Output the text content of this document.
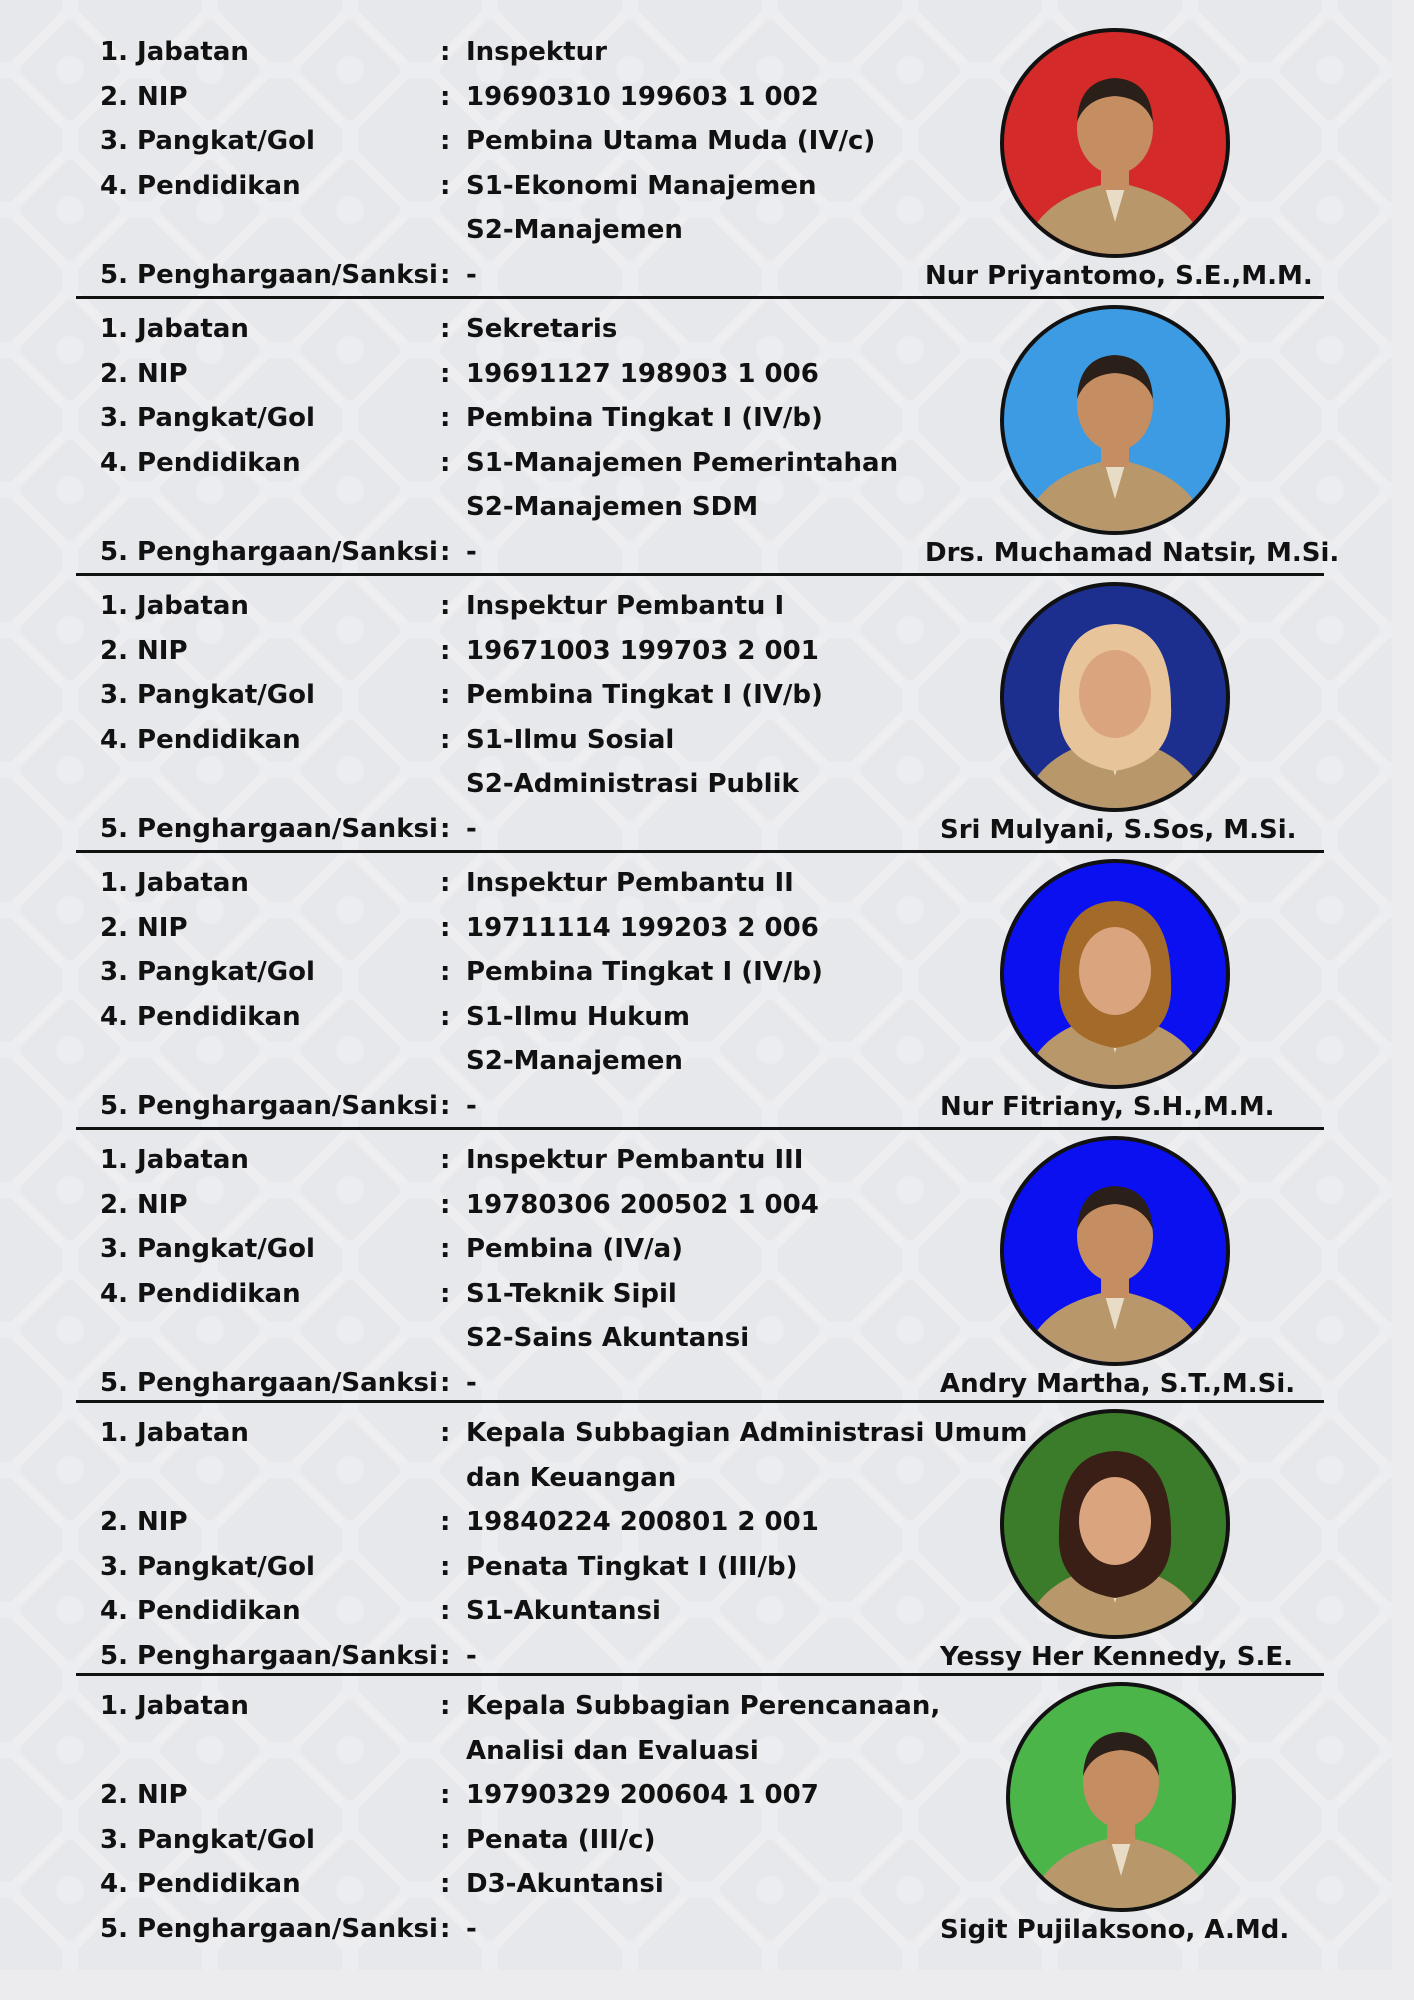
1. Jabatan	: Inspektur
2. NIP	: 19690310 199603 1 002
3. Pangkat/Gol	: Pembina Utama Muda (IV/c)
4. Pendidikan	: S1-Ekonomi Manajemen
S2-Manajemen
5. Penghargaan/Sanksi : -	Nur Priyantomo, S.E.,M.M.
1. Jabatan	: Sekretaris
2. NIP	: 19691127 198903 1 006
3. Pangkat/Gol	: Pembina Tingkat I (IV/b)
4. Pendidikan	: S1-Manajemen Pemerintahan
S2-Manajemen SDM
5. Penghargaan/Sanksi : -	Drs. Muchamad Natsir, M.Si.
1. Jabatan	: Inspektur Pembantu I
2. NIP	: 19671003 199703 2 001
3. Pangkat/Gol	: Pembina Tingkat I (IV/b)
4. Pendidikan	: S1-Ilmu Sosial
S2-Administrasi Publik
5. Penghargaan/Sanksi : -	Sri Mulyani, S.Sos, M.Si.
1. Jabatan	: Inspektur Pembantu II
2. NIP	: 19711114 199203 2 006
3. Pangkat/Gol	: Pembina Tingkat I (IV/b)
4. Pendidikan	: S1-Ilmu Hukum
S2-Manajemen
5. Penghargaan/Sanksi : -	Nur Fitriany, S.H.,M.M.
1. Jabatan	: Inspektur Pembantu III
2. NIP	: 19780306 200502 1 004
3. Pangkat/Gol	: Pembina (IV/a)
4. Pendidikan	: S1-Teknik Sipil
S2-Sains Akuntansi
5. Penghargaan/Sanksi : -	Andry Martha, S.T.,M.Si.
1. Jabatan	: Kepala Subbagian Administrasi Umum
dan Keuangan
2. NIP	: 19840224 200801 2 001
3. Pangkat/Gol	: Penata Tingkat I (III/b)
4. Pendidikan	: S1-Akuntansi
5. Penghargaan/Sanksi : -	Yessy Her Kennedy, S.E.
1. Jabatan	: Kepala Subbagian Perencanaan,
Analisi dan Evaluasi
2. NIP	: 19790329 200604 1 007
3. Pangkat/Gol	: Penata (III/c)
4. Pendidikan	: D3-Akuntansi
5. Penghargaan/Sanksi : -	Sigit Pujilaksono, A.Md.
